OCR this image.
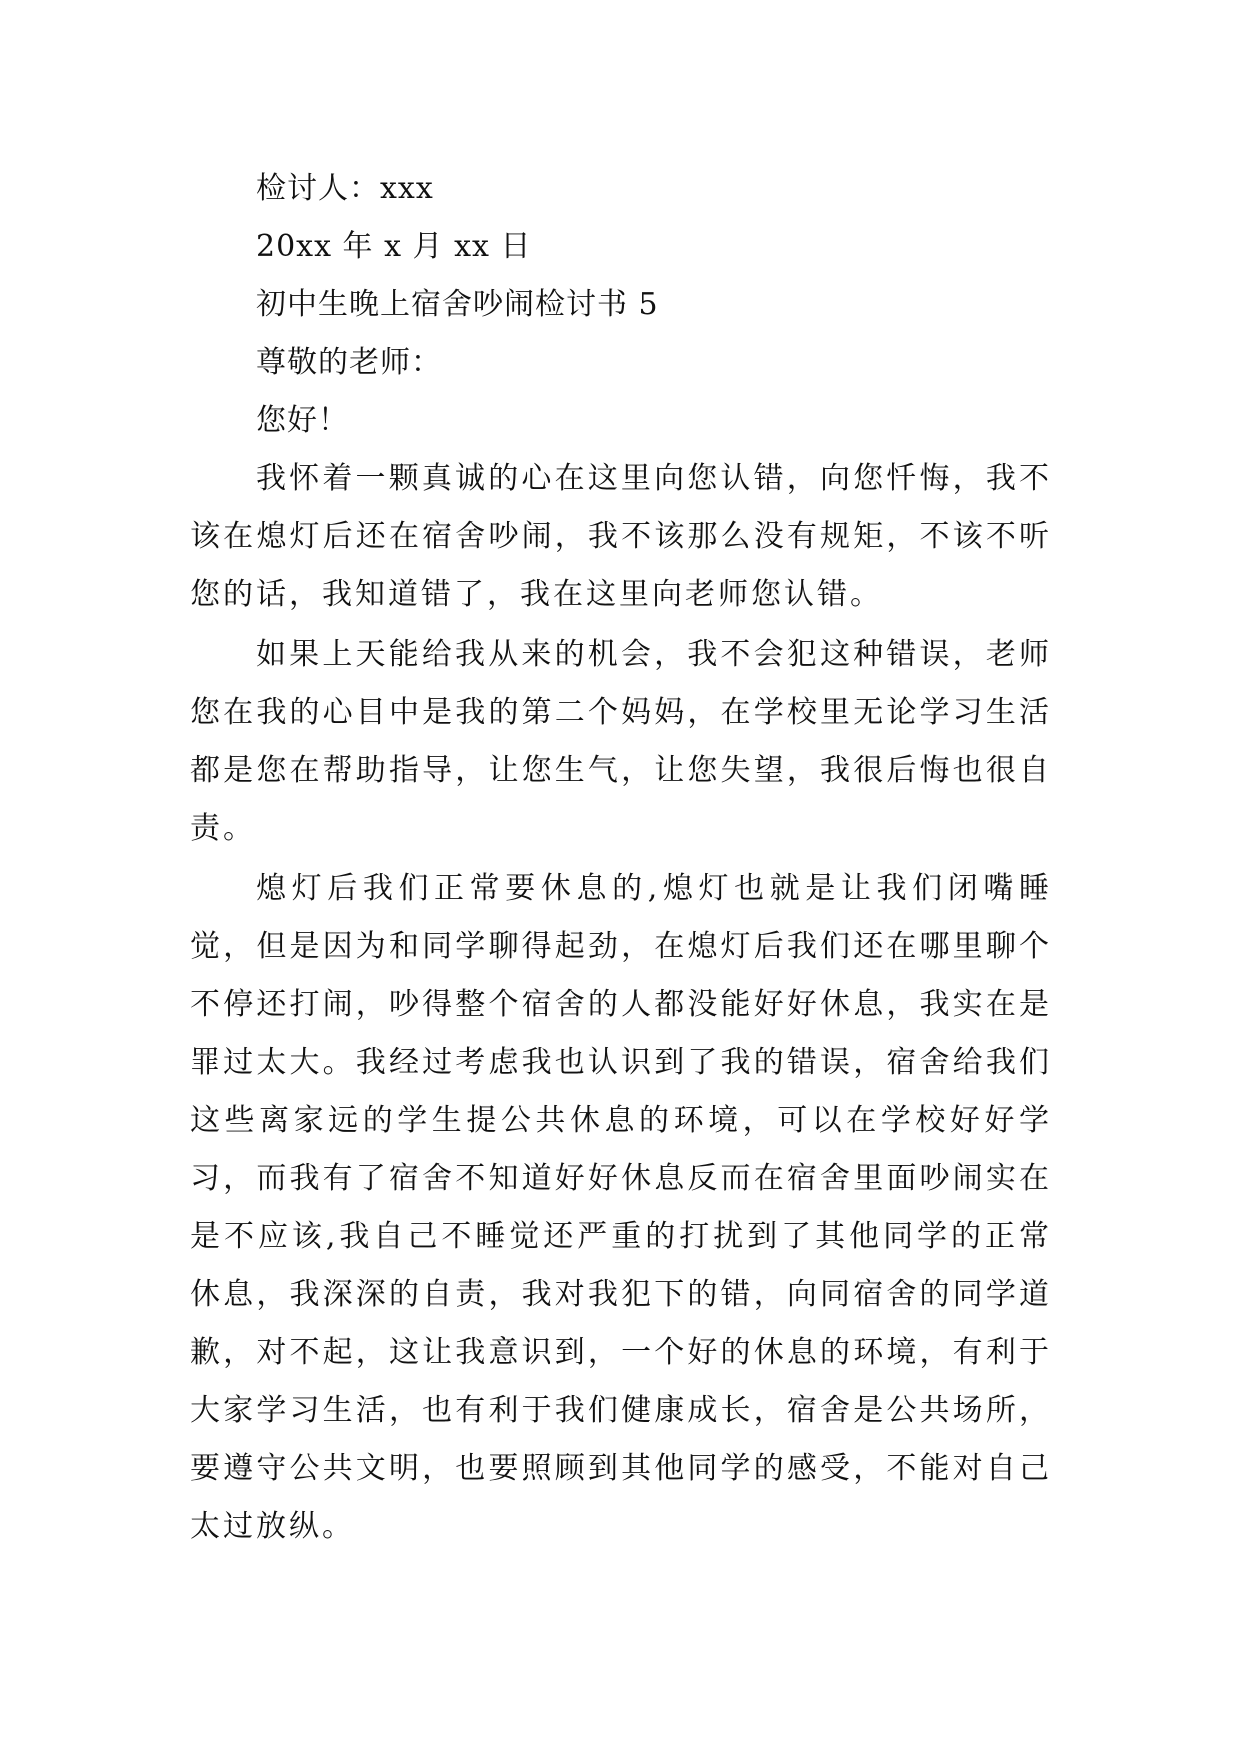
检讨人：xxx

20xx 年 x 月 xx 日

初中生晚上宿舍吵闹检讨书 5

尊敬的老师：

您好！

我怀着一颗真诚的心在这里向您认错，向您忏悔，我不该在熄灯后还在宿舍吵闹，我不该那么没有规矩，不该不听您的话，我知道错了，我在这里向老师您认错。

如果上天能给我从来的机会，我不会犯这种错误，老师您在我的心目中是我的第二个妈妈，在学校里无论学习生活都是您在帮助指导，让您生气，让您失望，我很后悔也很自责。

熄灯后我们正常要休息的,熄灯也就是让我们闭嘴睡觉，但是因为和同学聊得起劲，在熄灯后我们还在哪里聊个不停还打闹，吵得整个宿舍的人都没能好好休息，我实在是罪过太大。我经过考虑我也认识到了我的错误，宿舍给我们这些离家远的学生提公共休息的环境，可以在学校好好学习，而我有了宿舍不知道好好休息反而在宿舍里面吵闹实在是不应该,我自己不睡觉还严重的打扰到了其他同学的正常休息，我深深的自责，我对我犯下的错，向同宿舍的同学道歉，对不起，这让我意识到，一个好的休息的环境，有利于大家学习生活，也有利于我们健康成长，宿舍是公共场所，要遵守公共文明，也要照顾到其他同学的感受，不能对自己太过放纵。
